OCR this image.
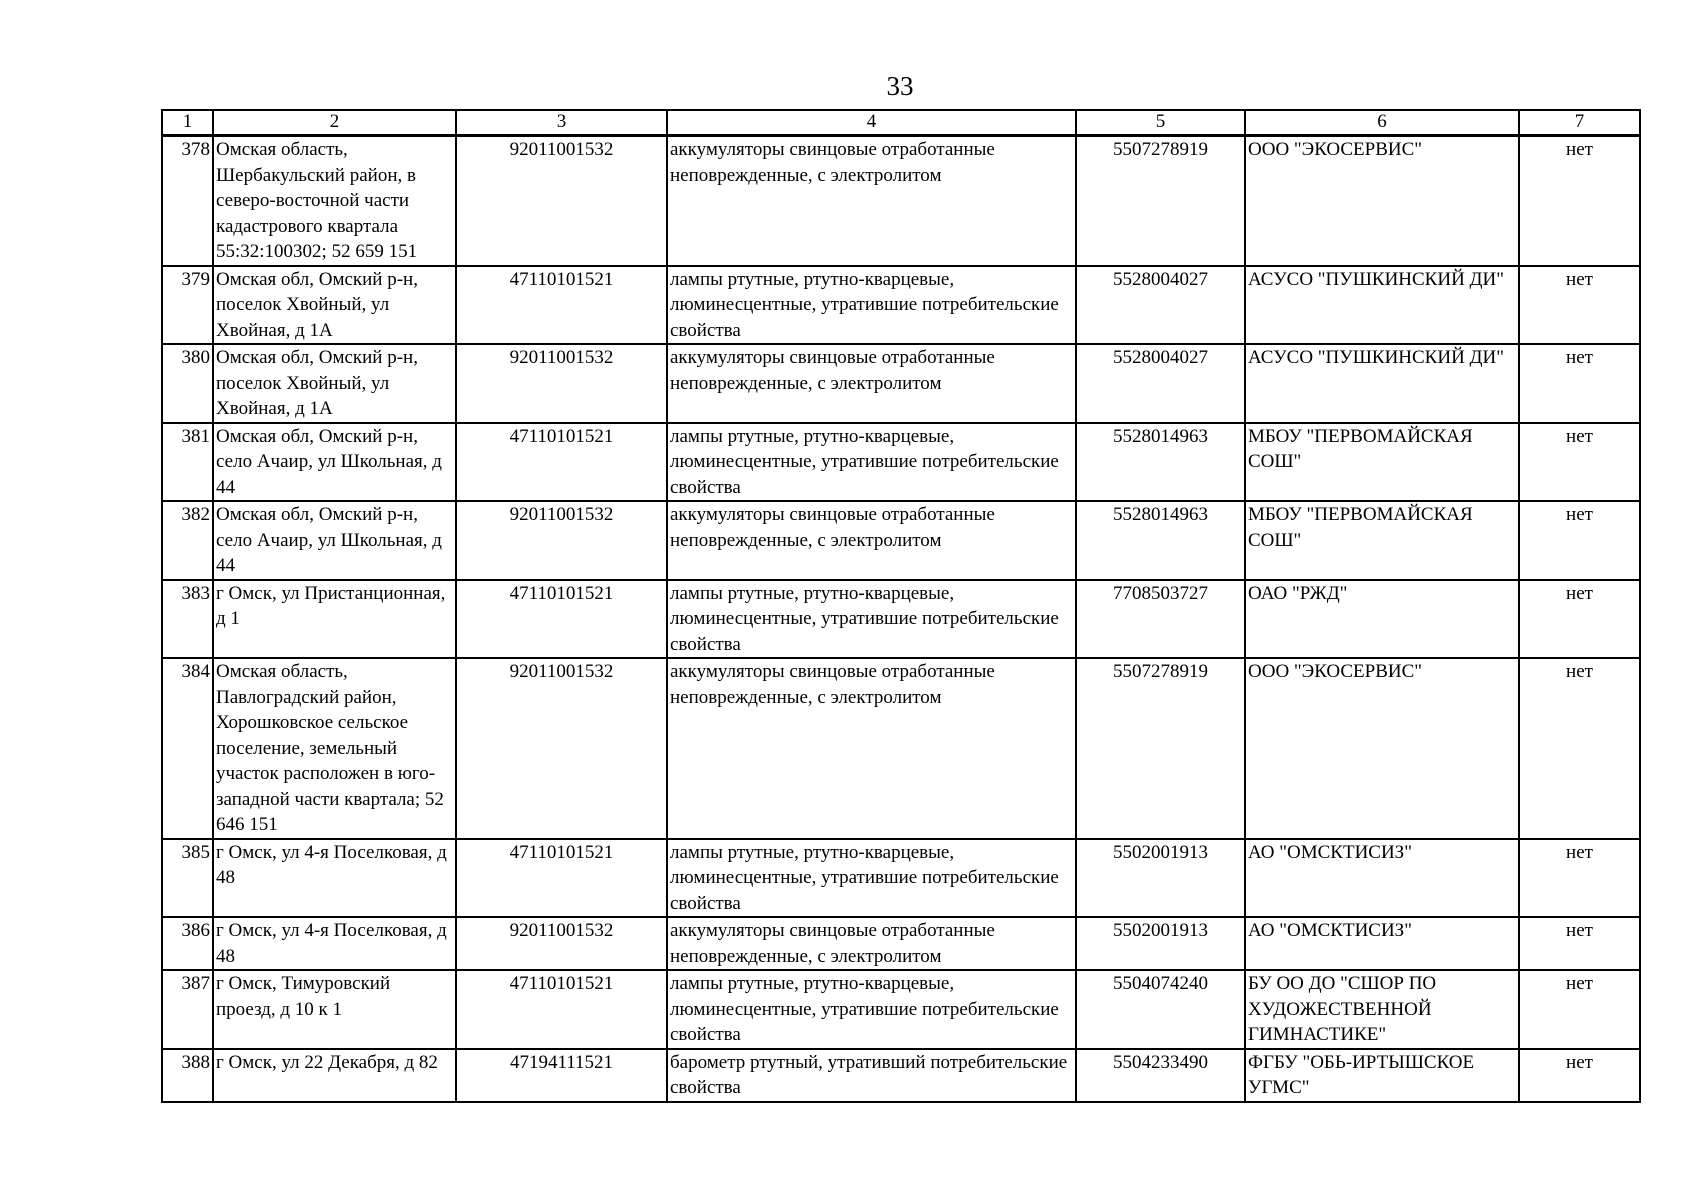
33
1	2	3	4	5	6	7
378	Омская область, Шербакульский район, в северо-восточной части кадастрового квартала 55:32:100302; 52 659 151	92011001532	аккумуляторы свинцовые отработанные неповрежденные, с электролитом	5507278919	ООО "ЭКОСЕРВИС"	нет
379	Омская обл, Омский р-н, поселок Хвойный, ул Хвойная, д 1А	47110101521	лампы ртутные, ртутно-кварцевые, люминесцентные, утратившие потребительские свойства	5528004027	АСУСО "ПУШКИНСКИЙ ДИ"	нет
380	Омская обл, Омский р-н, поселок Хвойный, ул Хвойная, д 1А	92011001532	аккумуляторы свинцовые отработанные неповрежденные, с электролитом	5528004027	АСУСО "ПУШКИНСКИЙ ДИ"	нет
381	Омская обл, Омский р-н, село Ачаир, ул Школьная, д 44	47110101521	лампы ртутные, ртутно-кварцевые, люминесцентные, утратившие потребительские свойства	5528014963	МБОУ "ПЕРВОМАЙСКАЯ СОШ"	нет
382	Омская обл, Омский р-н, село Ачаир, ул Школьная, д 44	92011001532	аккумуляторы свинцовые отработанные неповрежденные, с электролитом	5528014963	МБОУ "ПЕРВОМАЙСКАЯ СОШ"	нет
383	г Омск, ул Пристанционная, д 1	47110101521	лампы ртутные, ртутно-кварцевые, люминесцентные, утратившие потребительские свойства	7708503727	ОАО "РЖД"	нет
384	Омская область, Павлоградский район, Хорошковское сельское поселение, земельный участок расположен в юго-западной части квартала; 52 646 151	92011001532	аккумуляторы свинцовые отработанные неповрежденные, с электролитом	5507278919	ООО "ЭКОСЕРВИС"	нет
385	г Омск, ул 4-я Поселковая, д 48	47110101521	лампы ртутные, ртутно-кварцевые, люминесцентные, утратившие потребительские свойства	5502001913	АО "ОМСКТИСИЗ"	нет
386	г Омск, ул 4-я Поселковая, д 48	92011001532	аккумуляторы свинцовые отработанные неповрежденные, с электролитом	5502001913	АО "ОМСКТИСИЗ"	нет
387	г Омск, Тимуровский проезд, д 10 к 1	47110101521	лампы ртутные, ртутно-кварцевые, люминесцентные, утратившие потребительские свойства	5504074240	БУ ОО ДО "СШОР ПО ХУДОЖЕСТВЕННОЙ ГИМНАСТИКЕ"	нет
388	г Омск, ул 22 Декабря, д 82	47194111521	барометр ртутный, утративший потребительские свойства	5504233490	ФГБУ "ОБЬ-ИРТЫШСКОЕ УГМС"	нет
